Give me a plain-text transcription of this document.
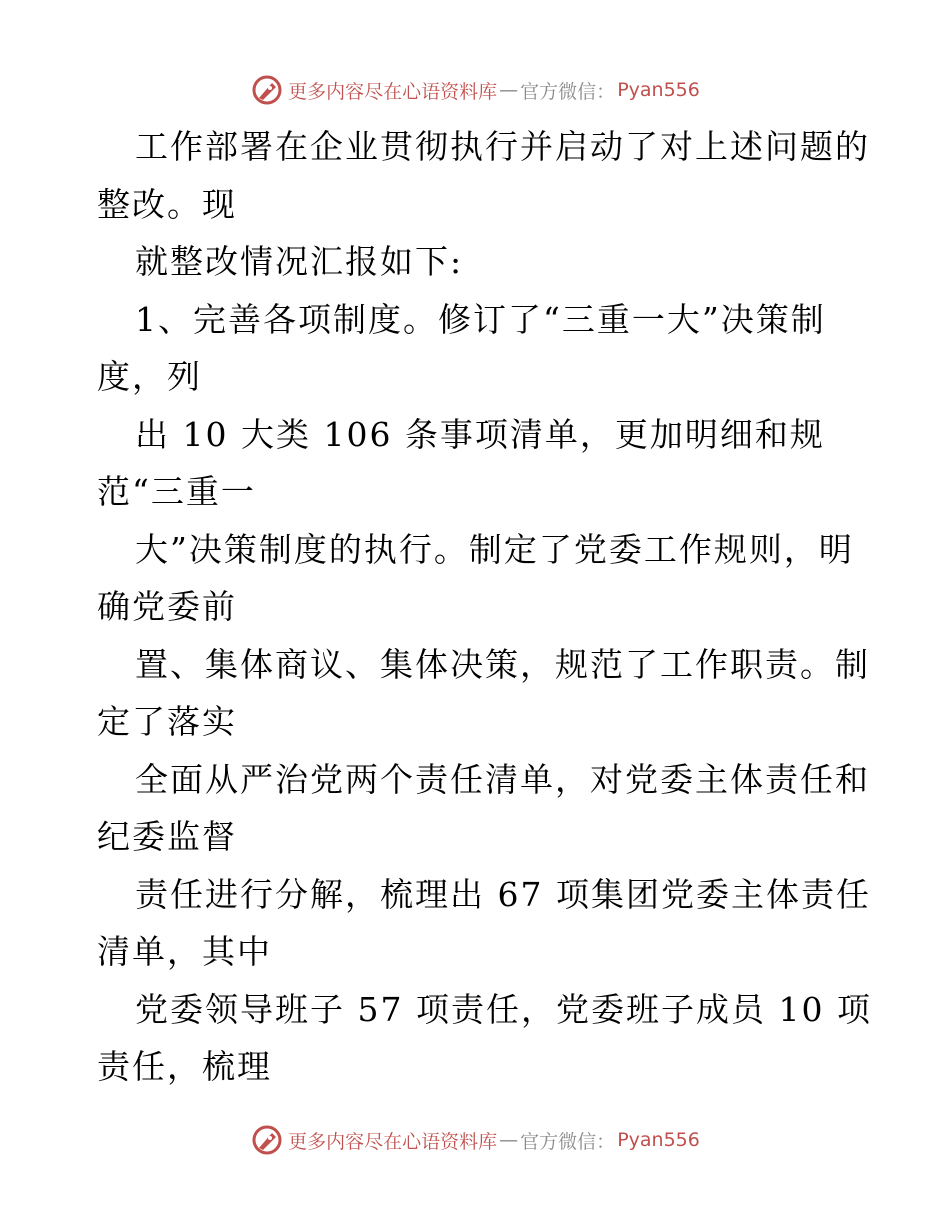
更多内容尽在心语资料库 — 官方微信： Pyan556
工作部署在企业贯彻执行并启动了对上述问题的
整改。现
就整改情况汇报如下:
1、完善各项制度。修订了“三重一大”决策制
度，列
出 10 大类 106 条事项清单，更加明细和规
范“三重一
大”决策制度的执行。制定了党委工作规则，明
确党委前
置、集体商议、集体决策，规范了工作职责。制
定了落实
全面从严治党两个责任清单，对党委主体责任和
纪委监督
责任进行分解，梳理出 67 项集团党委主体责任
清单，其中
党委领导班子 57 项责任，党委班子成员 10 项
责任，梳理
更多内容尽在心语资料库 — 官方微信： Pyan556
